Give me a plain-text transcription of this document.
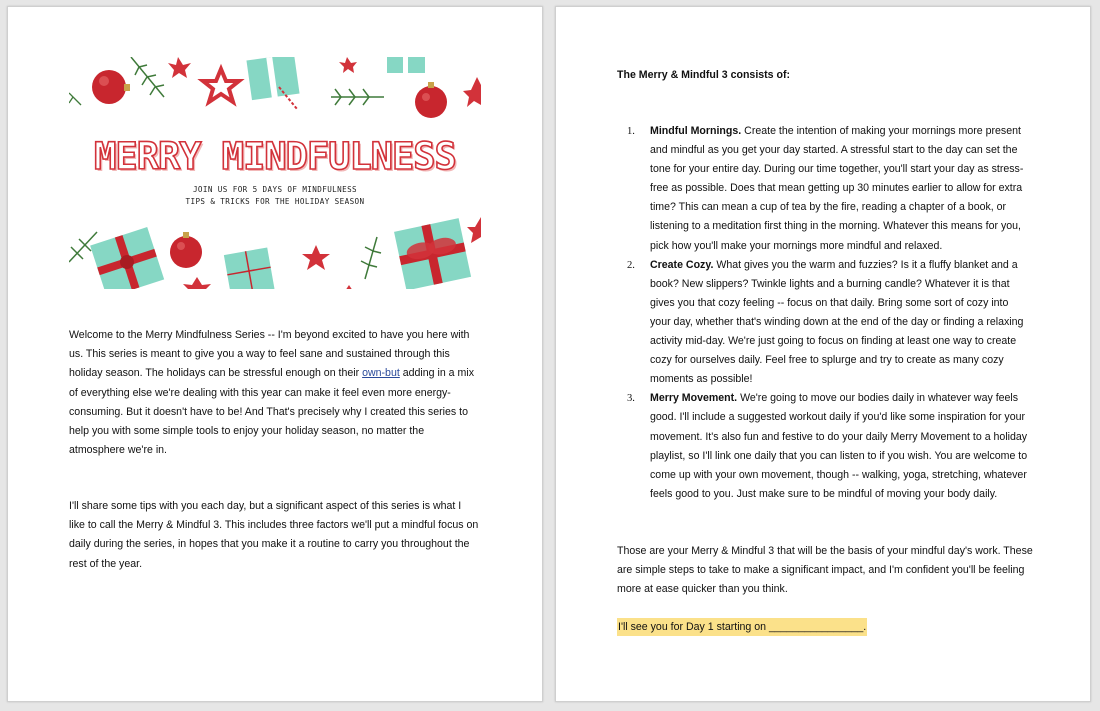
MERRY MINDFULNESS
JOIN US FOR 5 DAYS OF MINDFULNESS
TIPS & TRICKS FOR THE HOLIDAY SEASON

Welcome to the Merry Mindfulness Series -- I'm beyond excited to have you here with us. This series is meant to give you a way to feel sane and sustained through this holiday season. The holidays can be stressful enough on their own-but adding in a mix of everything else we're dealing with this year can make it feel even more energy-consuming. But it doesn't have to be! And That's precisely why I created this series to help you with some simple tools to enjoy your holiday season, no matter the atmosphere we're in.

I'll share some tips with you each day, but a significant aspect of this series is what I like to call the Merry & Mindful 3. This includes three factors we'll put a mindful focus on daily during the series, in hopes that you make it a routine to carry you throughout the rest of the year.

The Merry & Mindful 3 consists of:
1. Mindful Mornings. Create the intention of making your mornings more present and mindful as you get your day started. A stressful start to the day can set the tone for your entire day. During our time together, you'll start your day as stress-free as possible. Does that mean getting up 30 minutes earlier to allow for extra time? This can mean a cup of tea by the fire, reading a chapter of a book, or listening to a meditation first thing in the morning. Whatever this means for you, pick how you'll make your mornings more mindful and relaxed.
2. Create Cozy. What gives you the warm and fuzzies? Is it a fluffy blanket and a book? New slippers? Twinkle lights and a burning candle? Whatever it is that gives you that cozy feeling -- focus on that daily. Bring some sort of cozy into your day, whether that's winding down at the end of the day or finding a relaxing activity mid-day. We're just going to focus on finding at least one way to create cozy for ourselves daily. Feel free to splurge and try to create as many cozy moments as possible!
3. Merry Movement. We're going to move our bodies daily in whatever way feels good. I'll include a suggested workout daily if you'd like some inspiration for your movement. It's also fun and festive to do your daily Merry Movement to a holiday playlist, so I'll link one daily that you can listen to if you wish. You are welcome to come up with your own movement, though -- walking, yoga, stretching, whatever feels good to you. Just make sure to be mindful of moving your body daily.

Those are your Merry & Mindful 3 that will be the basis of your mindful day's work. These are simple steps to take to make a significant impact, and I'm confident you'll be feeling more at ease quicker than you think.

I'll see you for Day 1 starting on ________________.
